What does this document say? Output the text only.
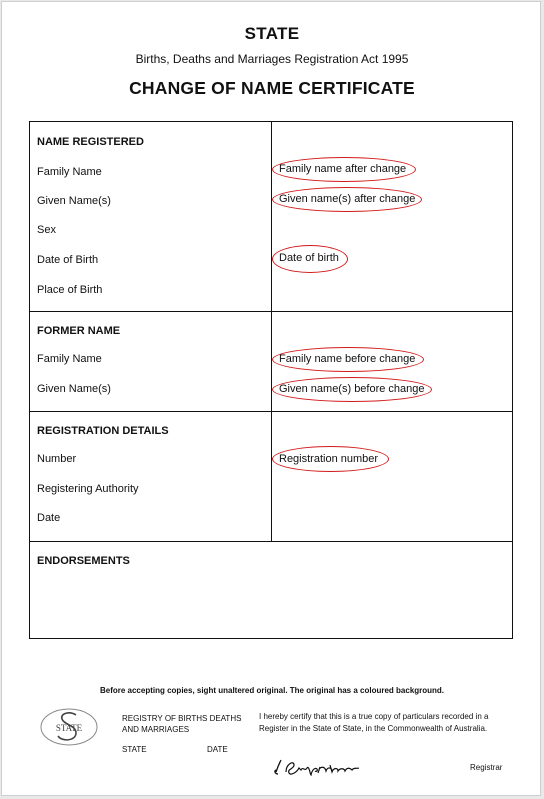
STATE
Births, Deaths and Marriages Registration Act 1995
CHANGE OF NAME CERTIFICATE
NAME REGISTERED
Family Name
Given Name(s)
Sex
Date of Birth
Place of Birth
Family name after change
Given name(s) after change
Date of birth
FORMER NAME
Family Name
Given Name(s)
Family name before change
Given name(s) before change
REGISTRATION DETAILS
Number
Registering Authority
Date
Registration number
ENDORSEMENTS
Before accepting copies, sight unaltered original. The original has a coloured background.
STATE
REGISTRY OF BIRTHS DEATHS
AND MARRIAGES
STATE	DATE
I hereby certify that this is a true copy of particulars recorded in a Register in the State of State, in the Commonwealth of Australia.
Registrar
